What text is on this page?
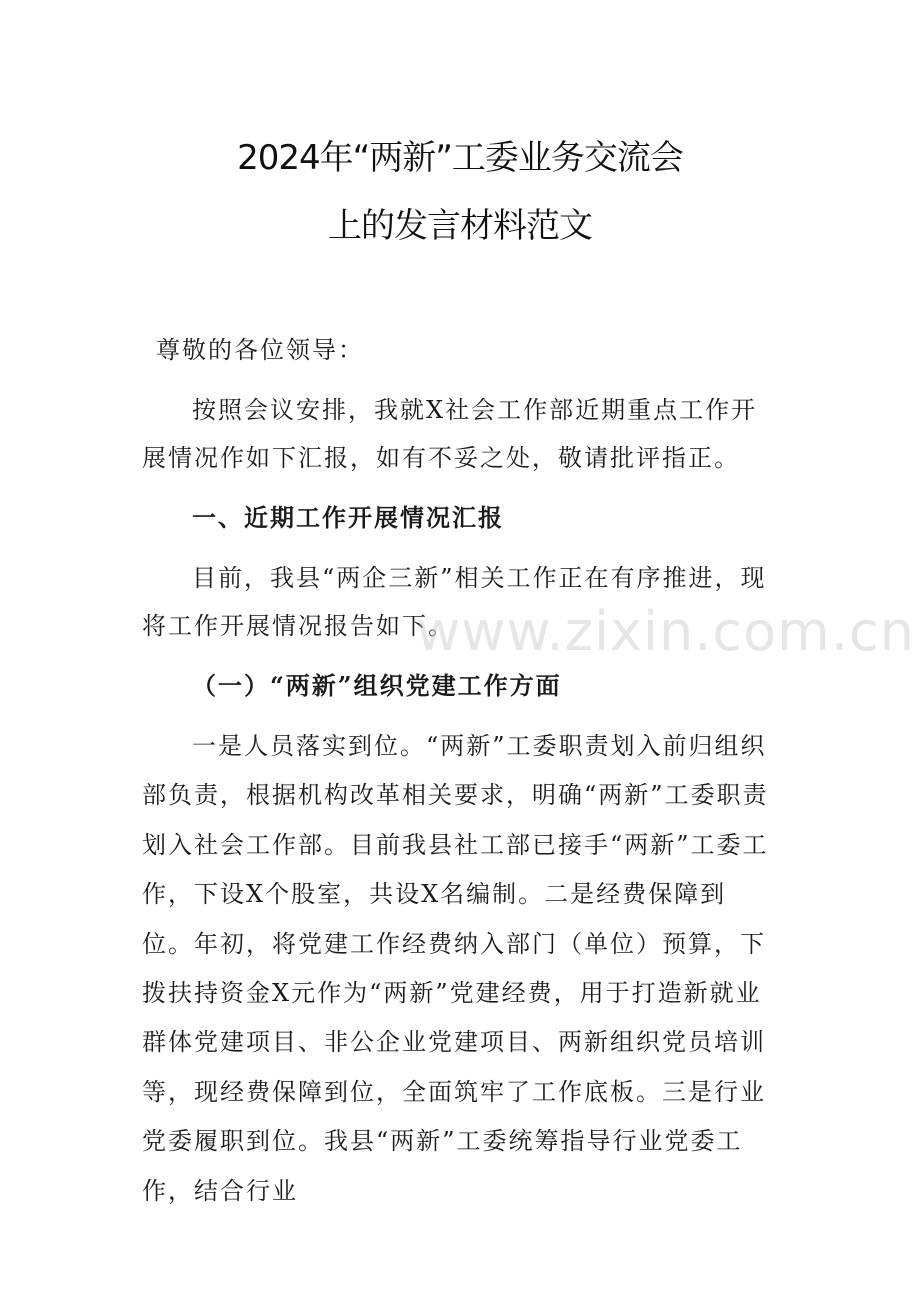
2024年“两新”工委业务交流会
上的发言材料范文
尊敬的各位领导：
按照会议安排，我就X社会工作部近期重点工作开展情况作如下汇报，如有不妥之处，敬请批评指正。
一、近期工作开展情况汇报
目前，我县“两企三新”相关工作正在有序推进，现将工作开展情况报告如下。
（一）“两新”组织党建工作方面
一是人员落实到位。“两新”工委职责划入前归组织部负责，根据机构改革相关要求，明确“两新”工委职责划入社会工作部。目前我县社工部已接手“两新”工委工作，下设X个股室，共设X名编制。二是经费保障到位。年初，将党建工作经费纳入部门（单位）预算，下拨扶持资金X元作为“两新”党建经费，用于打造新就业群体党建项目、非公企业党建项目、两新组织党员培训等，现经费保障到位，全面筑牢了工作底板。三是行业党委履职到位。我县“两新”工委统筹指导行业党委工作，结合行业
www.zixin.com.cn
